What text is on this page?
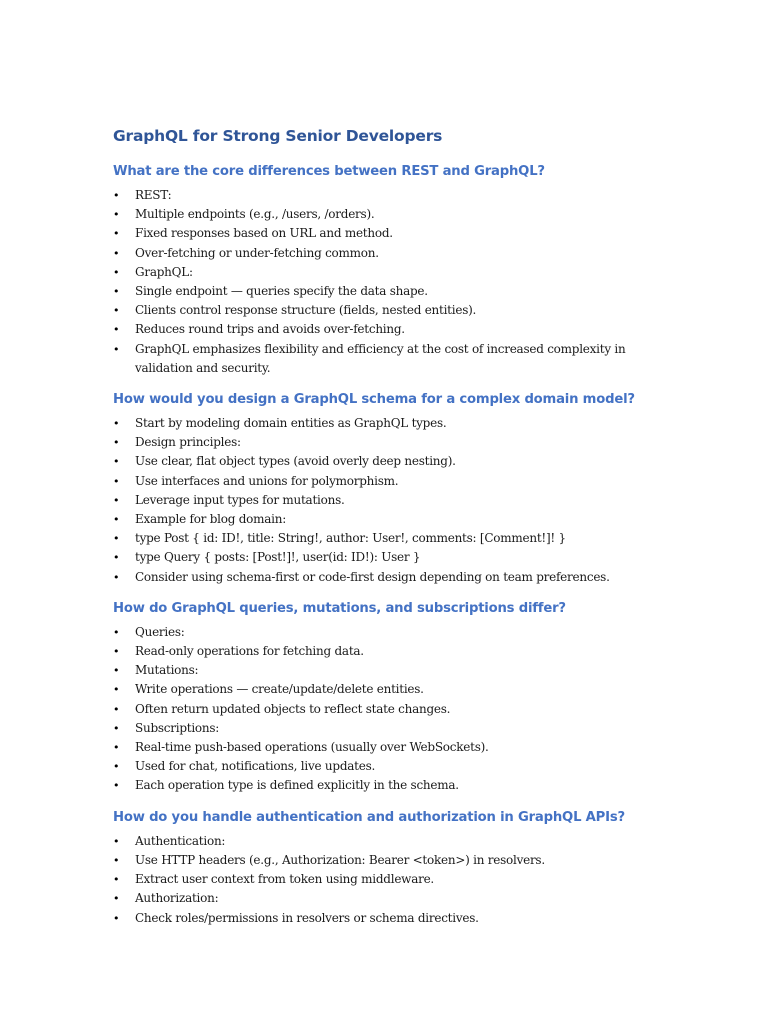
GraphQL for Strong Senior Developers
What are the core differences between REST and GraphQL?
• REST:
• Multiple endpoints (e.g., /users, /orders).
• Fixed responses based on URL and method.
• Over-fetching or under-fetching common.
• GraphQL:
• Single endpoint — queries specify the data shape.
• Clients control response structure (fields, nested entities).
• Reduces round trips and avoids over-fetching.
• GraphQL emphasizes flexibility and efficiency at the cost of increased complexity in validation and security.
How would you design a GraphQL schema for a complex domain model?
• Start by modeling domain entities as GraphQL types.
• Design principles:
• Use clear, flat object types (avoid overly deep nesting).
• Use interfaces and unions for polymorphism.
• Leverage input types for mutations.
• Example for blog domain:
• type Post { id: ID!, title: String!, author: User!, comments: [Comment!]! }
• type Query { posts: [Post!]!, user(id: ID!): User }
• Consider using schema-first or code-first design depending on team preferences.
How do GraphQL queries, mutations, and subscriptions differ?
• Queries:
• Read-only operations for fetching data.
• Mutations:
• Write operations — create/update/delete entities.
• Often return updated objects to reflect state changes.
• Subscriptions:
• Real-time push-based operations (usually over WebSockets).
• Used for chat, notifications, live updates.
• Each operation type is defined explicitly in the schema.
How do you handle authentication and authorization in GraphQL APIs?
• Authentication:
• Use HTTP headers (e.g., Authorization: Bearer <token>) in resolvers.
• Extract user context from token using middleware.
• Authorization:
• Check roles/permissions in resolvers or schema directives.
